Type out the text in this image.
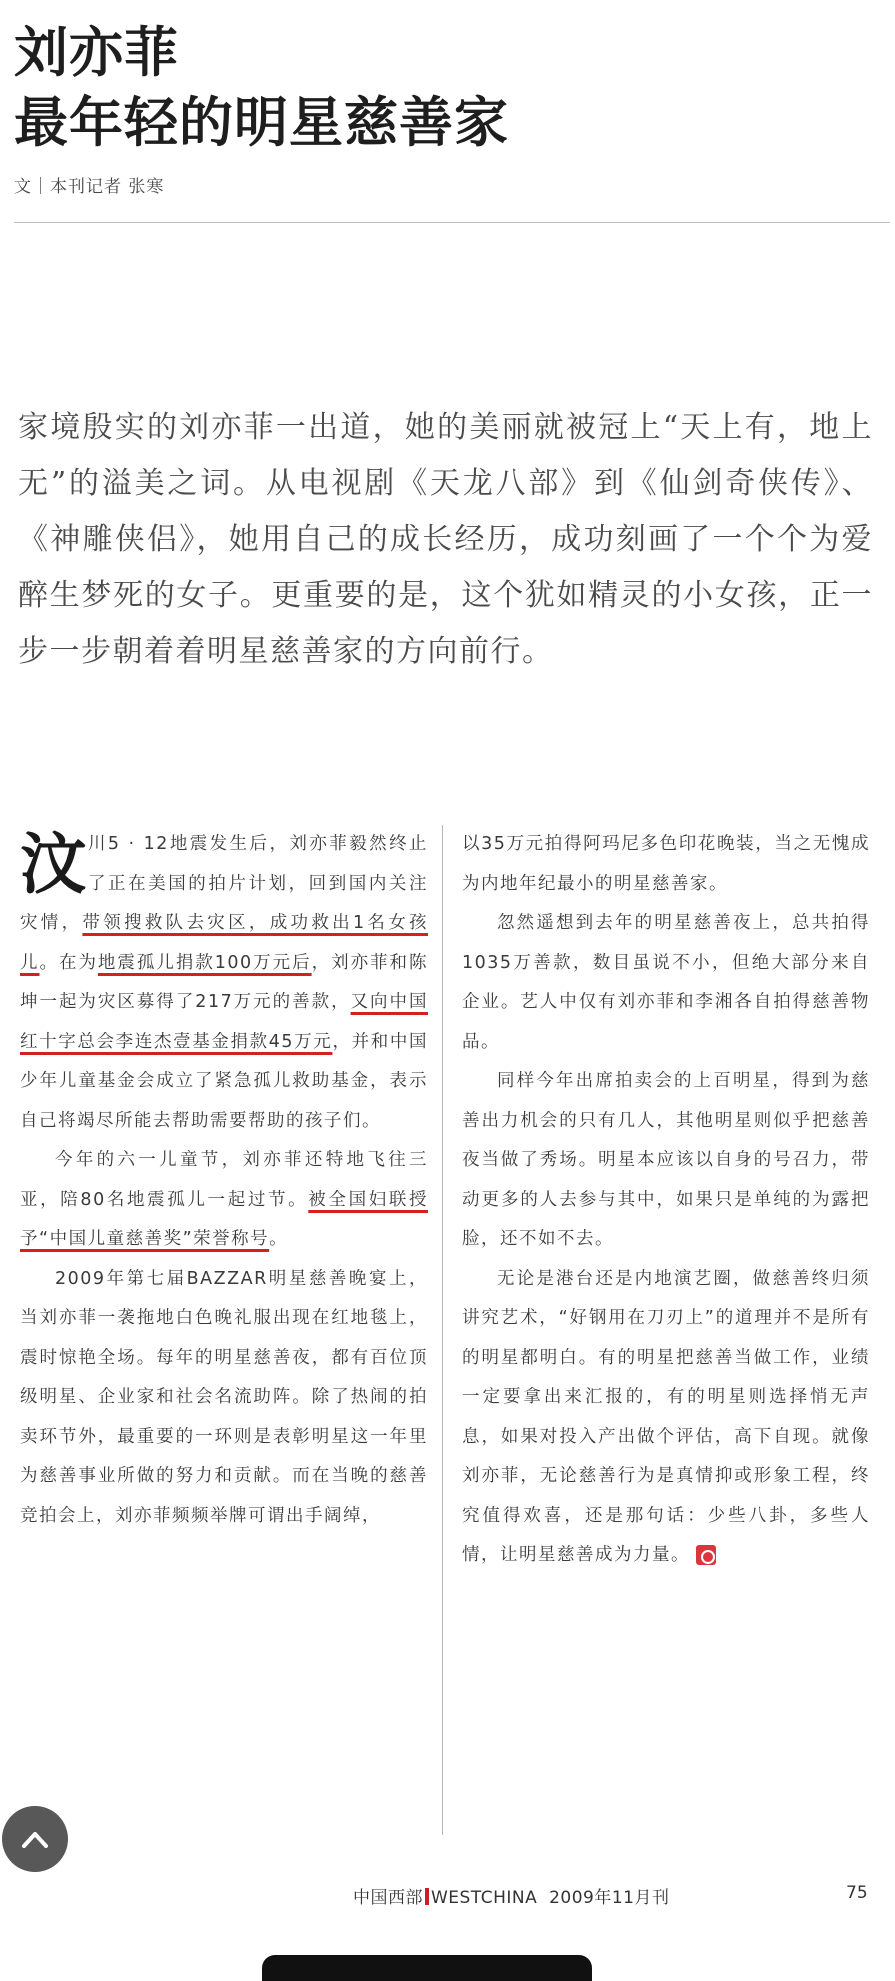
刘亦菲
最年轻的明星慈善家
文｜本刊记者 张寒
家境殷实的刘亦菲一出道，她的美丽就被冠上“天上有，地上无”的溢美之词。从电视剧《天龙八部》到《仙剑奇侠传》、《神雕侠侣》，她用自己的成长经历，成功刻画了一个个为爱醉生梦死的女子。更重要的是，这个犹如精灵的小女孩，正一步一步朝着着明星慈善家的方向前行。

汶川5 · 12地震发生后，刘亦菲毅然终止了正在美国的拍片计划，回到国内关注灾情，带领搜救队去灾区，成功救出1名女孩儿。在为地震孤儿捐款100万元后，刘亦菲和陈坤一起为灾区募得了217万元的善款，又向中国红十字总会李连杰壹基金捐款45万元，并和中国少年儿童基金会成立了紧急孤儿救助基金，表示自己将竭尽所能去帮助需要帮助的孩子们。

今年的六一儿童节，刘亦菲还特地飞往三亚，陪80名地震孤儿一起过节。被全国妇联授予“中国儿童慈善奖”荣誉称号。

2009年第七届BAZZAR明星慈善晚宴上，当刘亦菲一袭拖地白色晚礼服出现在红地毯上，震时惊艳全场。每年的明星慈善夜，都有百位顶级明星、企业家和社会名流助阵。除了热闹的拍卖环节外，最重要的一环则是表彰明星这一年里为慈善事业所做的努力和贡献。而在当晚的慈善竞拍会上，刘亦菲频频举牌可谓出手阔绰，

以35万元拍得阿玛尼多色印花晚装，当之无愧成为内地年纪最小的明星慈善家。

忽然遥想到去年的明星慈善夜上，总共拍得1035万善款，数目虽说不小，但绝大部分来自企业。艺人中仅有刘亦菲和李湘各自拍得慈善物品。

同样今年出席拍卖会的上百明星，得到为慈善出力机会的只有几人，其他明星则似乎把慈善夜当做了秀场。明星本应该以自身的号召力，带动更多的人去参与其中，如果只是单纯的为露把脸，还不如不去。

无论是港台还是内地演艺圈，做慈善终归须讲究艺术，“好钢用在刀刃上”的道理并不是所有的明星都明白。有的明星把慈善当做工作，业绩一定要拿出来汇报的，有的明星则选择悄无声息，如果对投入产出做个评估，高下自现。就像刘亦菲，无论慈善行为是真情抑或形象工程，终究值得欢喜，还是那句话：少些八卦，多些人情，让明星慈善成为力量。

中国西部 WESTCHINA 2009年11月刊	75
